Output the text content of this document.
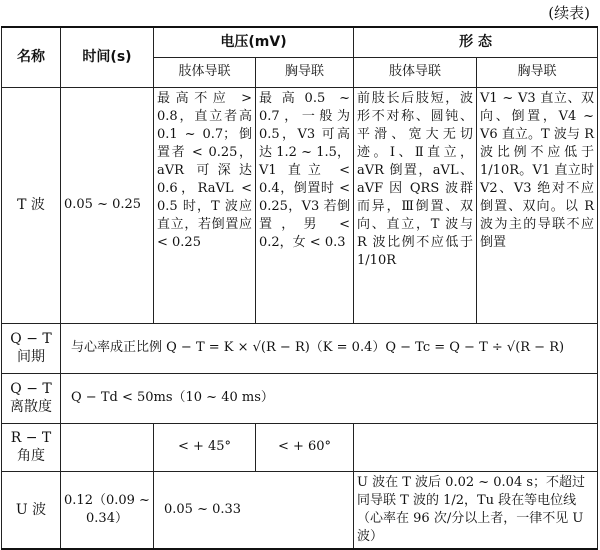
(续表)
名称	时间(s)	电压(mV)		形 态	
		肢体导联	胸导联	肢体导联	胸导联
T 波	0.05 ~ 0.25	最高不应 > 0.8，直立者高 0.1 ~ 0.7；倒置者 < 0.25，aVR 可深达 0.6，RaVL < 0.5 时，T 波应直立，若倒置应 < 0.25	最高0.5 ~ 0.7，一般为0.5，V3 可高达 1.2 ~ 1.5，V1 直立 < 0.4，倒置时 < 0.25，V3 若倒置，男 < 0.2，女 < 0.3	前肢长后肢短，波形不对称、圆钝、平滑、宽大无切迹。Ⅰ、Ⅱ直立，aVR 倒置，aVL、aVF 因 QRS 波群而异，Ⅲ倒置、双向、直立，T 波与 R 波比例不应低于 1/10R	V1 ~ V3 直立、双向、倒置，V4 ~ V6 直立。T 波与 R 波比例不应低于 1/10R。V1 直立时 V2、V3 绝对不应倒置、双向。以 R 波为主的导联不应倒置
Q − T 间期	与心率成正比例 Q − T = K × √(R − R)（K = 0.4）Q − Tc = Q − T ÷ √(R − R)				
Q − T 离散度	Q − Td < 50ms（10 ~ 40 ms）				
R − T 角度		< + 45°	< + 60°		
U 波	0.12（0.09 ~ 0.34）	0.05 ~ 0.33		U 波在 T 波后 0.02 ~ 0.04 s；不超过同导联 T 波的 1/2，Tu 段在等电位线（心率在 96 次/分以上者，一律不见 U 波）	
